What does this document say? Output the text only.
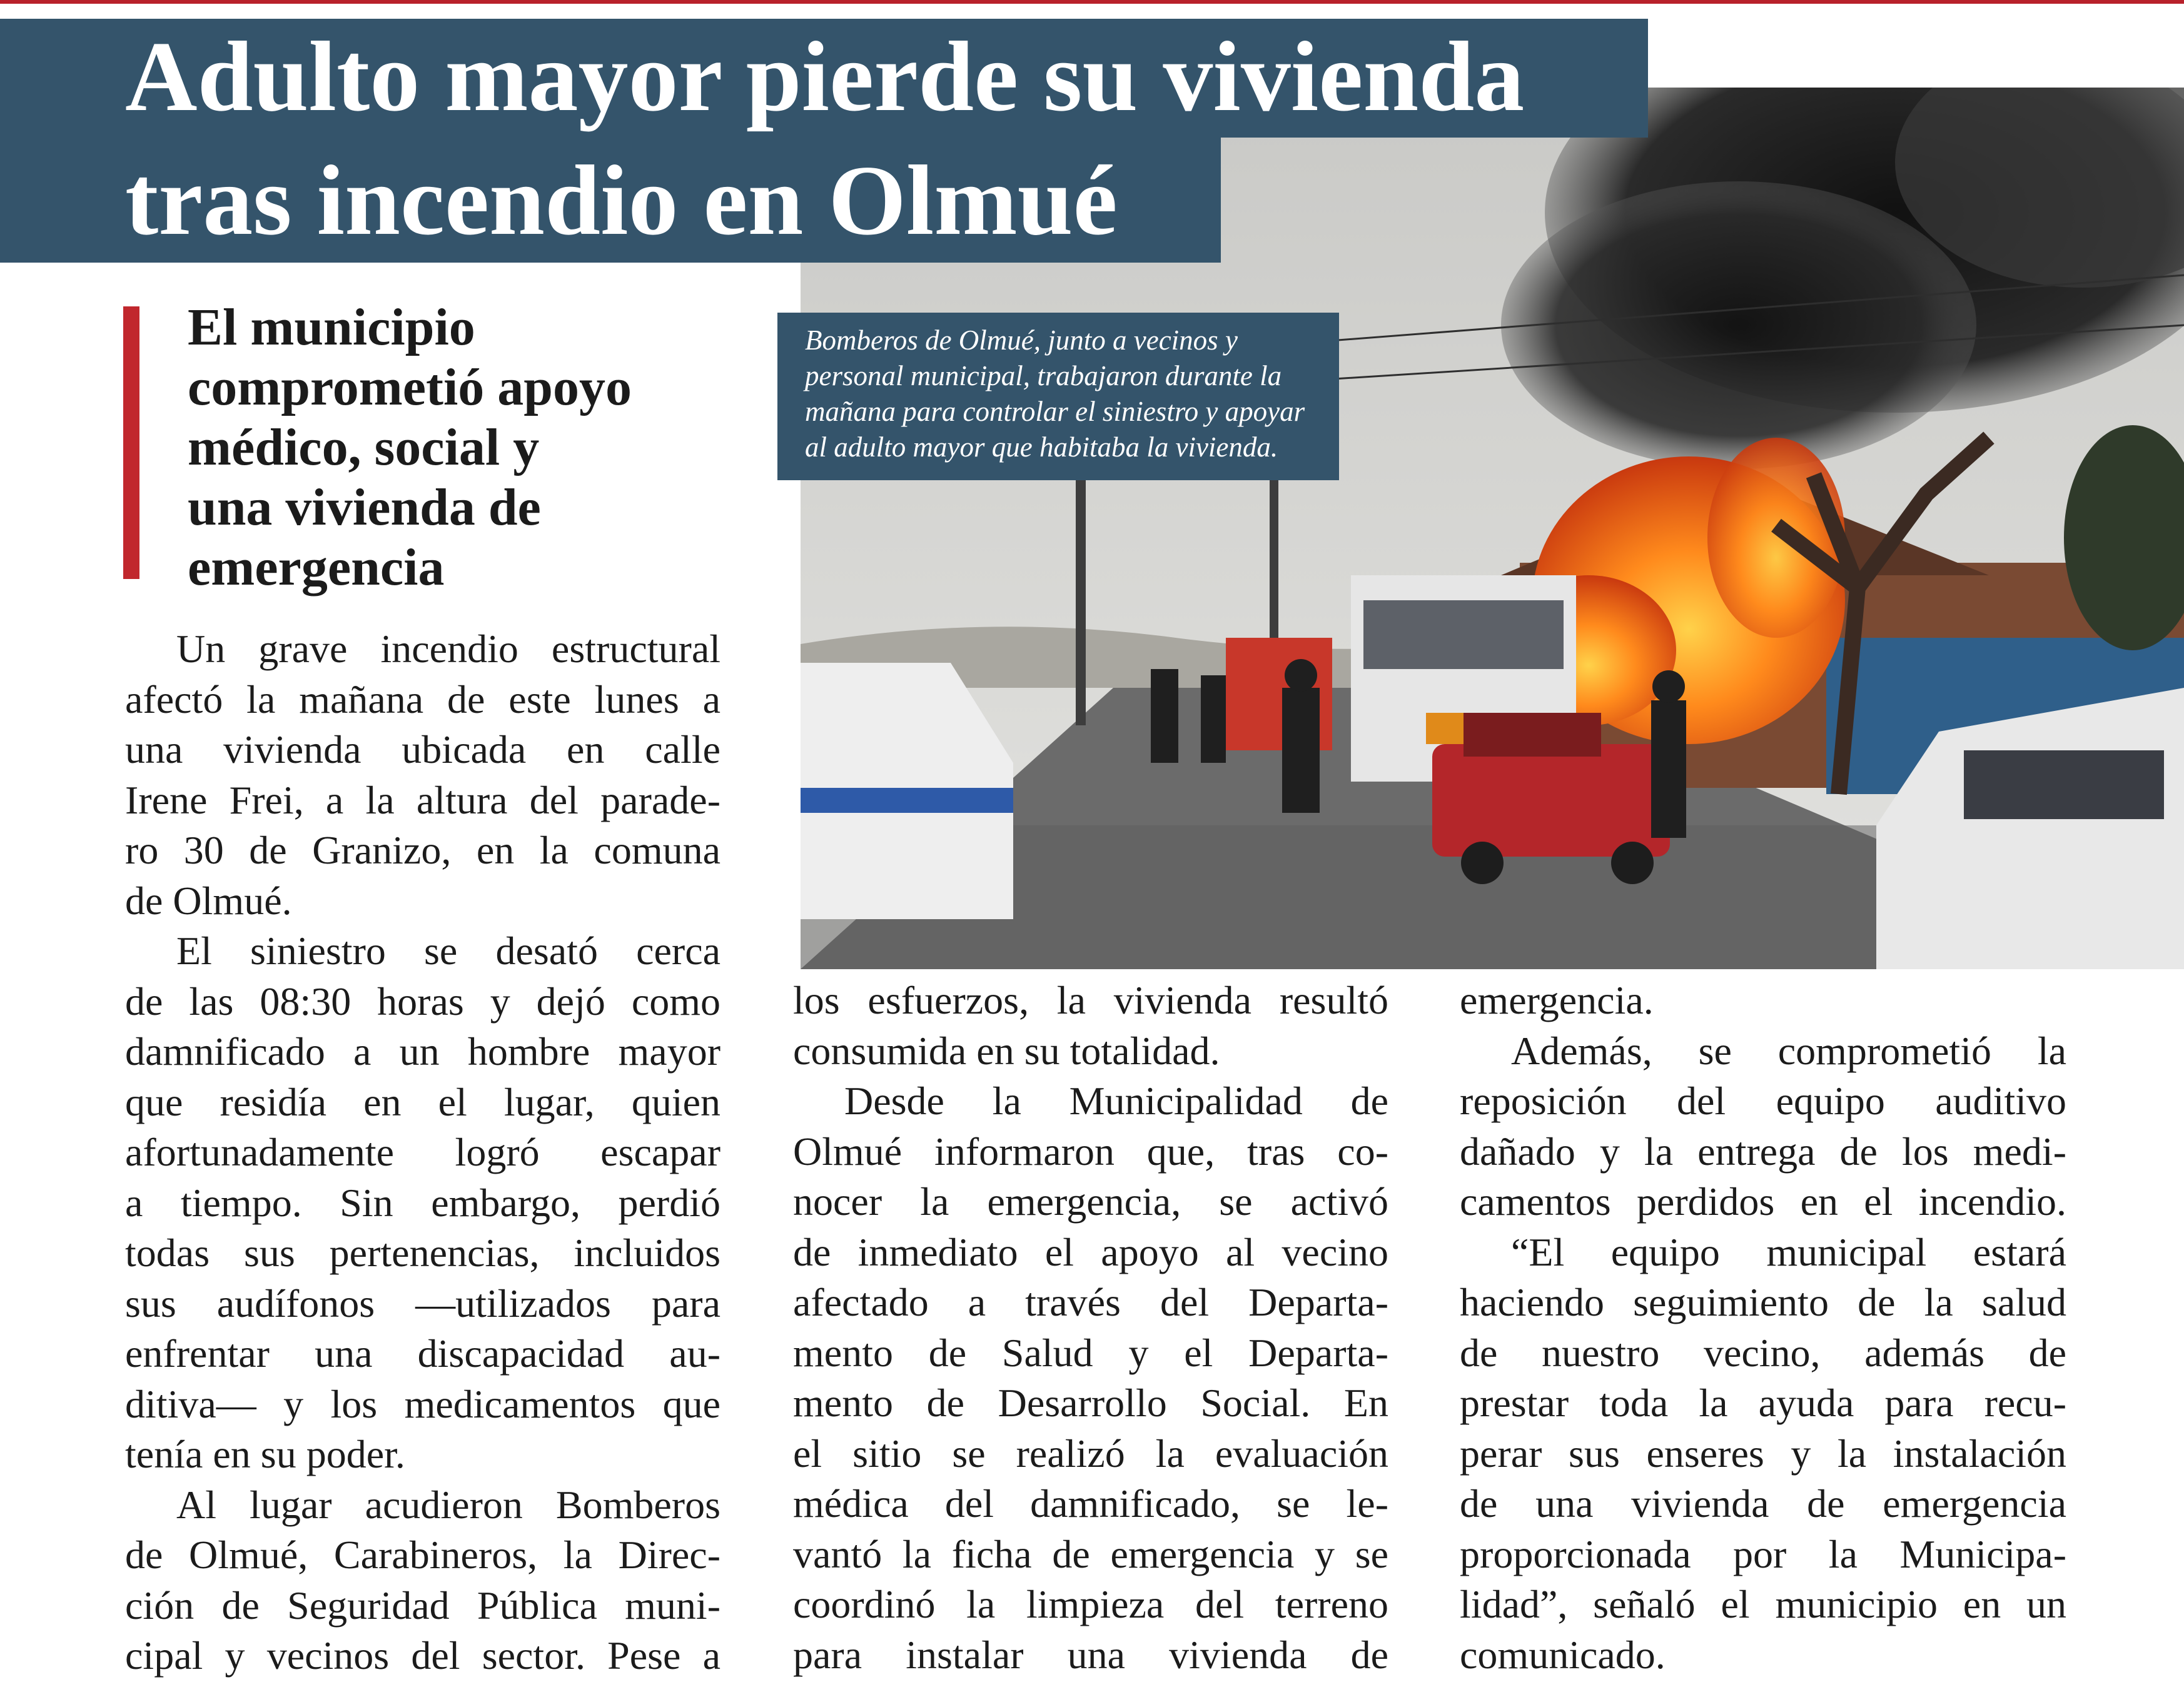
Adulto mayor pierde su vivienda
tras incendio en Olmué

Bomberos de Olmué, junto a vecinos y

personal municipal, trabajaron durante la

mañana para controlar el siniestro y apoyar

al adulto mayor que habitaba la vivienda.

El municipio
comprometió apoyo
médico, social y
una vivienda de
emergencia

Un grave incendio estructural
afectó la mañana de este lunes a
una vivienda ubicada en calle
Irene Frei, a la altura del parade-
ro 30 de Granizo, en la comuna
de Olmué.

El siniestro se desató cerca
de las 08:30 horas y dejó como
damnificado a un hombre mayor
que residía en el lugar, quien
afortunadamente logró escapar
a tiempo. Sin embargo, perdió
todas sus pertenencias, incluidos
sus audífonos —utilizados para
enfrentar una discapacidad au-
ditiva— y los medicamentos que
tenía en su poder.

Al lugar acudieron Bomberos
de Olmué, Carabineros, la Direc-
ción de Seguridad Pública muni-
cipal y vecinos del sector. Pese a

los esfuerzos, la vivienda resultó
consumida en su totalidad.

Desde la Municipalidad de
Olmué informaron que, tras co-
nocer la emergencia, se activó
de inmediato el apoyo al vecino
afectado a través del Departa-
mento de Salud y el Departa-
mento de Desarrollo Social. En
el sitio se realizó la evaluación
médica del damnificado, se le-
vantó la ficha de emergencia y se
coordinó la limpieza del terreno
para instalar una vivienda de

emergencia.

Además, se comprometió la
reposición del equipo auditivo
dañado y la entrega de los medi-
camentos perdidos en el incendio.

“El equipo municipal estará
haciendo seguimiento de la salud
de nuestro vecino, además de
prestar toda la ayuda para recu-
perar sus enseres y la instalación
de una vivienda de emergencia
proporcionada por la Municipa-
lidad”, señaló el municipio en un
comunicado.
